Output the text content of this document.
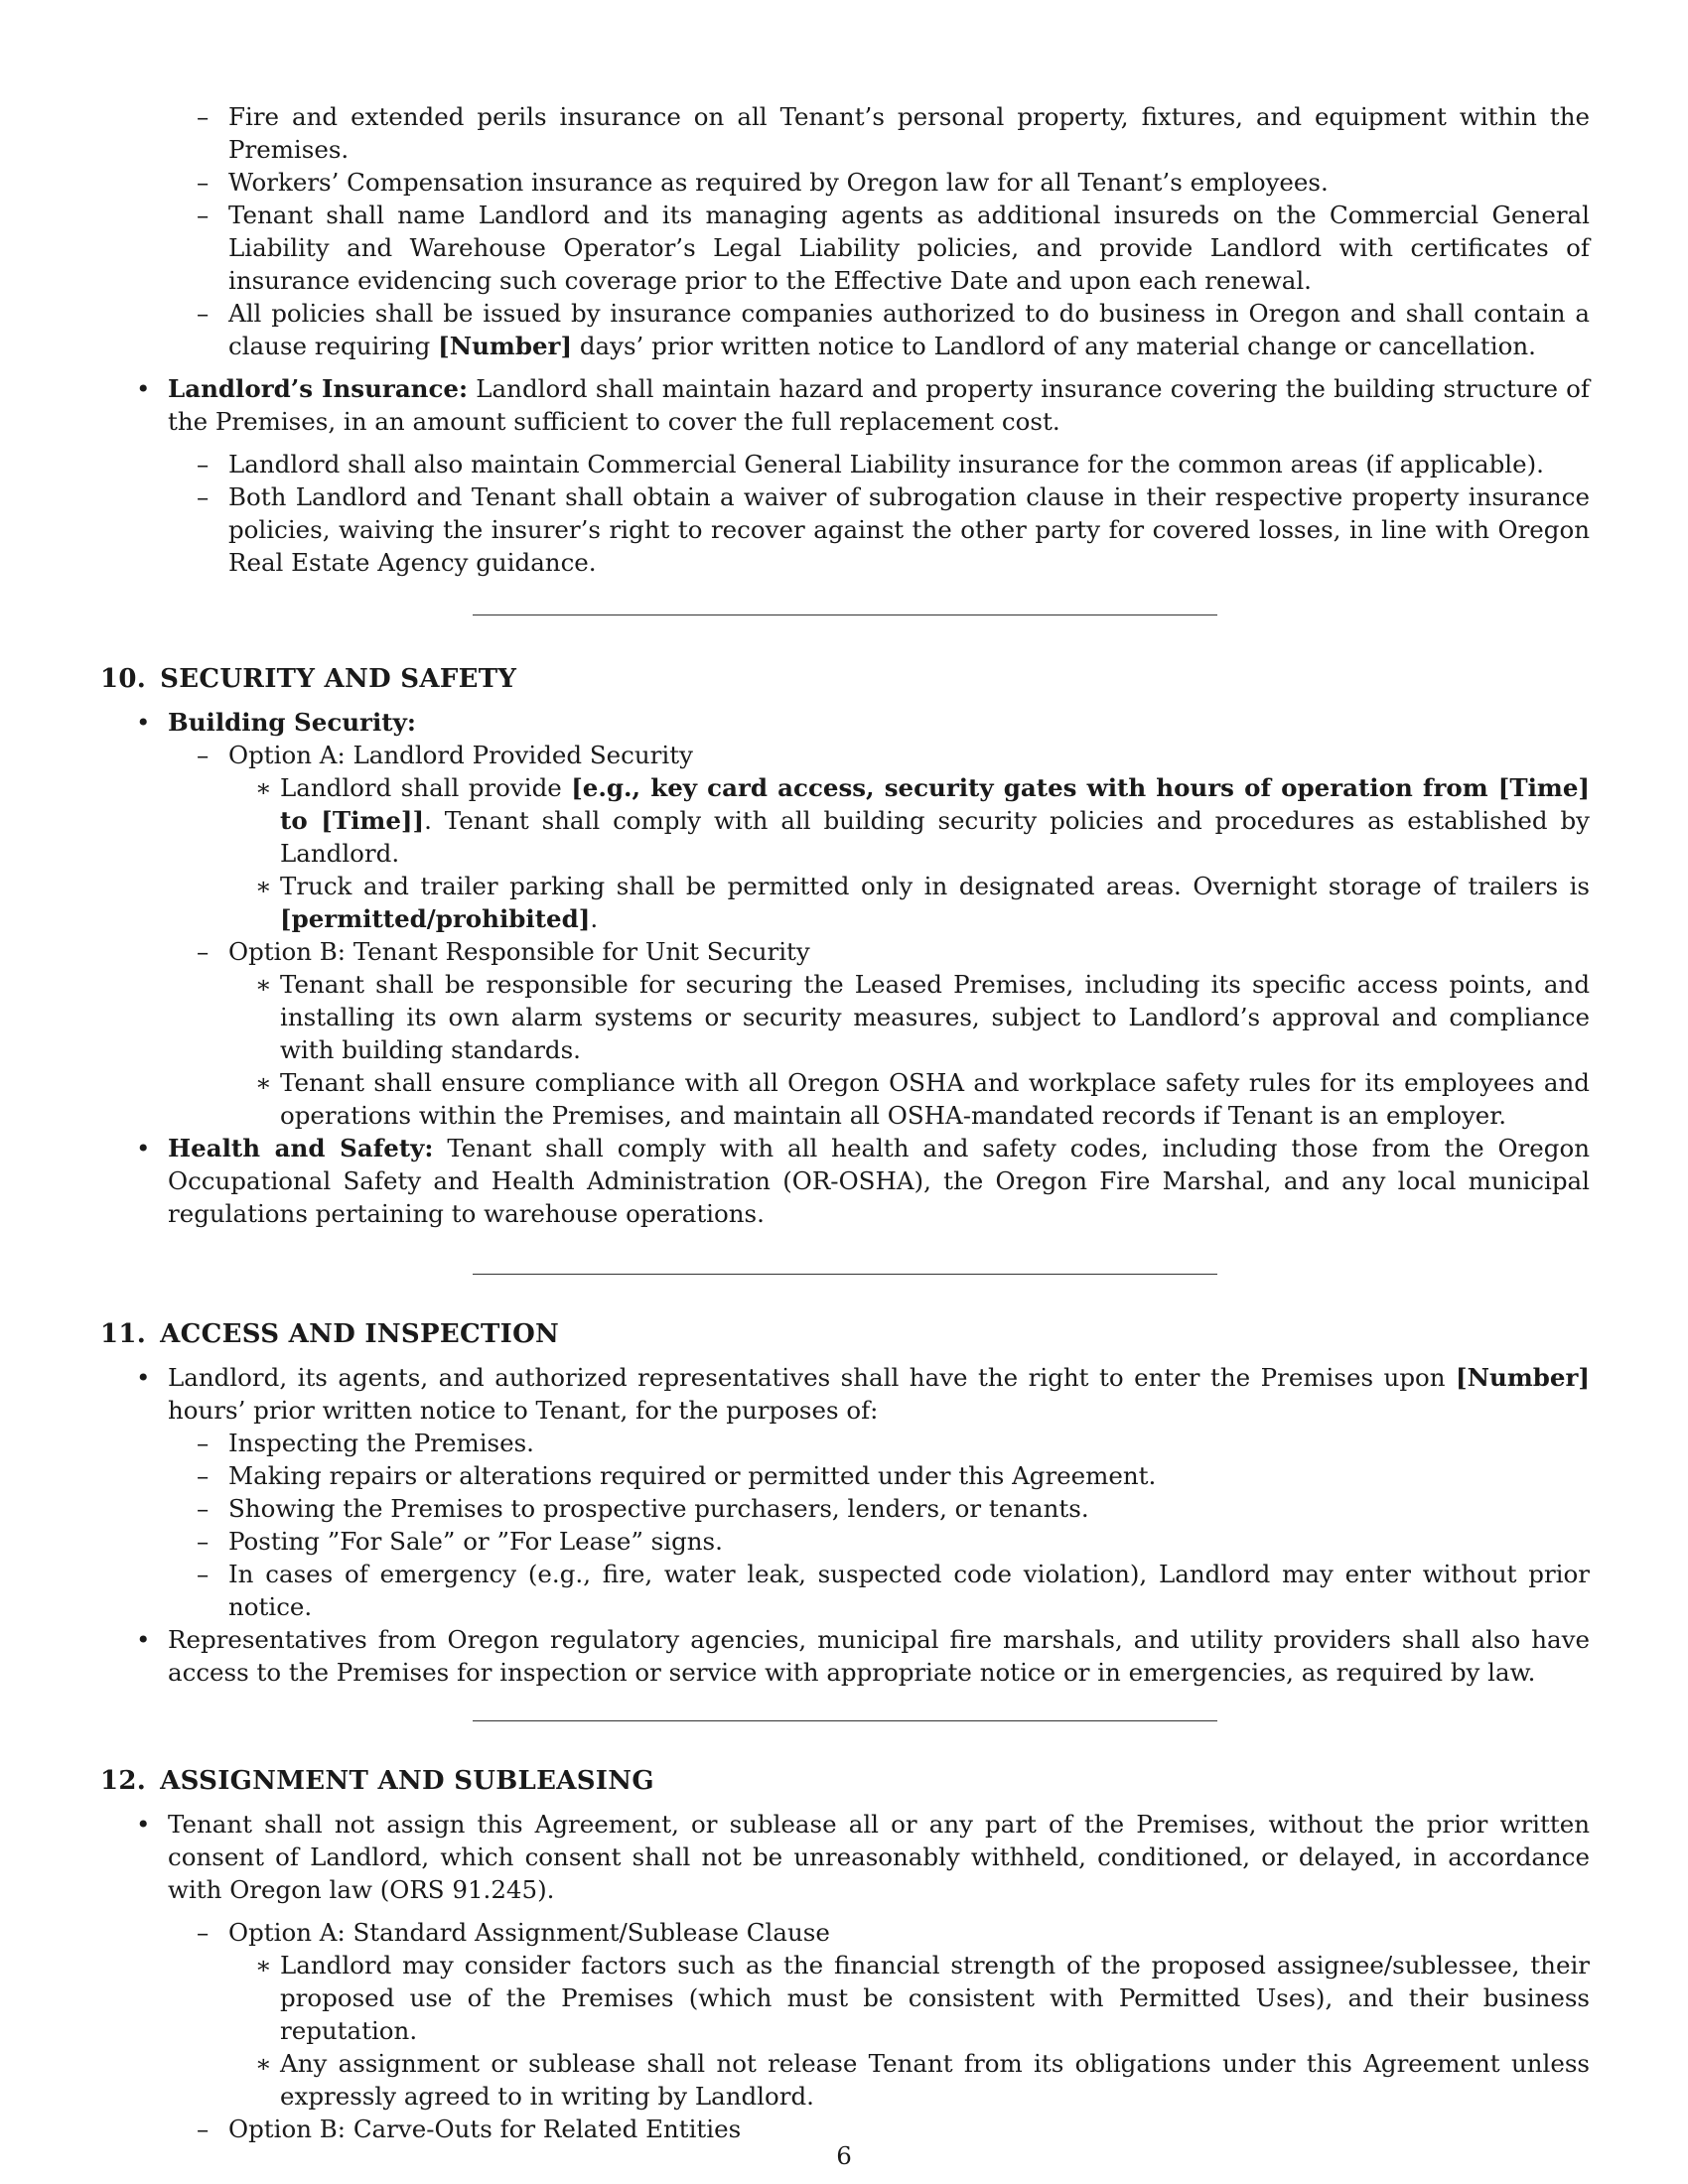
– Fire and extended perils insurance on all Tenant’s personal property, fixtures, and equipment within the Premises.
– Workers’ Compensation insurance as required by Oregon law for all Tenant’s employees.
– Tenant shall name Landlord and its managing agents as additional insureds on the Commercial General Liability and Warehouse Operator’s Legal Liability policies, and provide Landlord with certificates of insurance evidencing such coverage prior to the Effective Date and upon each renewal.
– All policies shall be issued by insurance companies authorized to do business in Oregon and shall contain a clause requiring [Number] days’ prior written notice to Landlord of any material change or cancellation.
• Landlord’s Insurance: Landlord shall maintain hazard and property insurance covering the building structure of the Premises, in an amount sufficient to cover the full replacement cost.
– Landlord shall also maintain Commercial General Liability insurance for the common areas (if applicable).
– Both Landlord and Tenant shall obtain a waiver of subrogation clause in their respective property insurance policies, waiving the insurer’s right to recover against the other party for covered losses, in line with Oregon Real Estate Agency guidance.
10. SECURITY AND SAFETY
• Building Security:
– Option A: Landlord Provided Security
∗ Landlord shall provide [e.g., key card access, security gates with hours of operation from [Time] to [Time]]. Tenant shall comply with all building security policies and procedures as established by Landlord.
∗ Truck and trailer parking shall be permitted only in designated areas. Overnight storage of trailers is [permitted/prohibited].
– Option B: Tenant Responsible for Unit Security
∗ Tenant shall be responsible for securing the Leased Premises, including its specific access points, and installing its own alarm systems or security measures, subject to Landlord’s approval and compliance with building standards.
∗ Tenant shall ensure compliance with all Oregon OSHA and workplace safety rules for its employees and operations within the Premises, and maintain all OSHA-mandated records if Tenant is an employer.
• Health and Safety: Tenant shall comply with all health and safety codes, including those from the Oregon Occupational Safety and Health Administration (OR-OSHA), the Oregon Fire Marshal, and any local municipal regulations pertaining to warehouse operations.
11. ACCESS AND INSPECTION
• Landlord, its agents, and authorized representatives shall have the right to enter the Premises upon [Number] hours’ prior written notice to Tenant, for the purposes of:
– Inspecting the Premises.
– Making repairs or alterations required or permitted under this Agreement.
– Showing the Premises to prospective purchasers, lenders, or tenants.
– Posting ”For Sale” or ”For Lease” signs.
– In cases of emergency (e.g., fire, water leak, suspected code violation), Landlord may enter without prior notice.
• Representatives from Oregon regulatory agencies, municipal fire marshals, and utility providers shall also have access to the Premises for inspection or service with appropriate notice or in emergencies, as required by law.
12. ASSIGNMENT AND SUBLEASING
• Tenant shall not assign this Agreement, or sublease all or any part of the Premises, without the prior written consent of Landlord, which consent shall not be unreasonably withheld, conditioned, or delayed, in accordance with Oregon law (ORS 91.245).
– Option A: Standard Assignment/Sublease Clause
∗ Landlord may consider factors such as the financial strength of the proposed assignee/sublessee, their proposed use of the Premises (which must be consistent with Permitted Uses), and their business reputation.
∗ Any assignment or sublease shall not release Tenant from its obligations under this Agreement unless expressly agreed to in writing by Landlord.
– Option B: Carve-Outs for Related Entities
6
